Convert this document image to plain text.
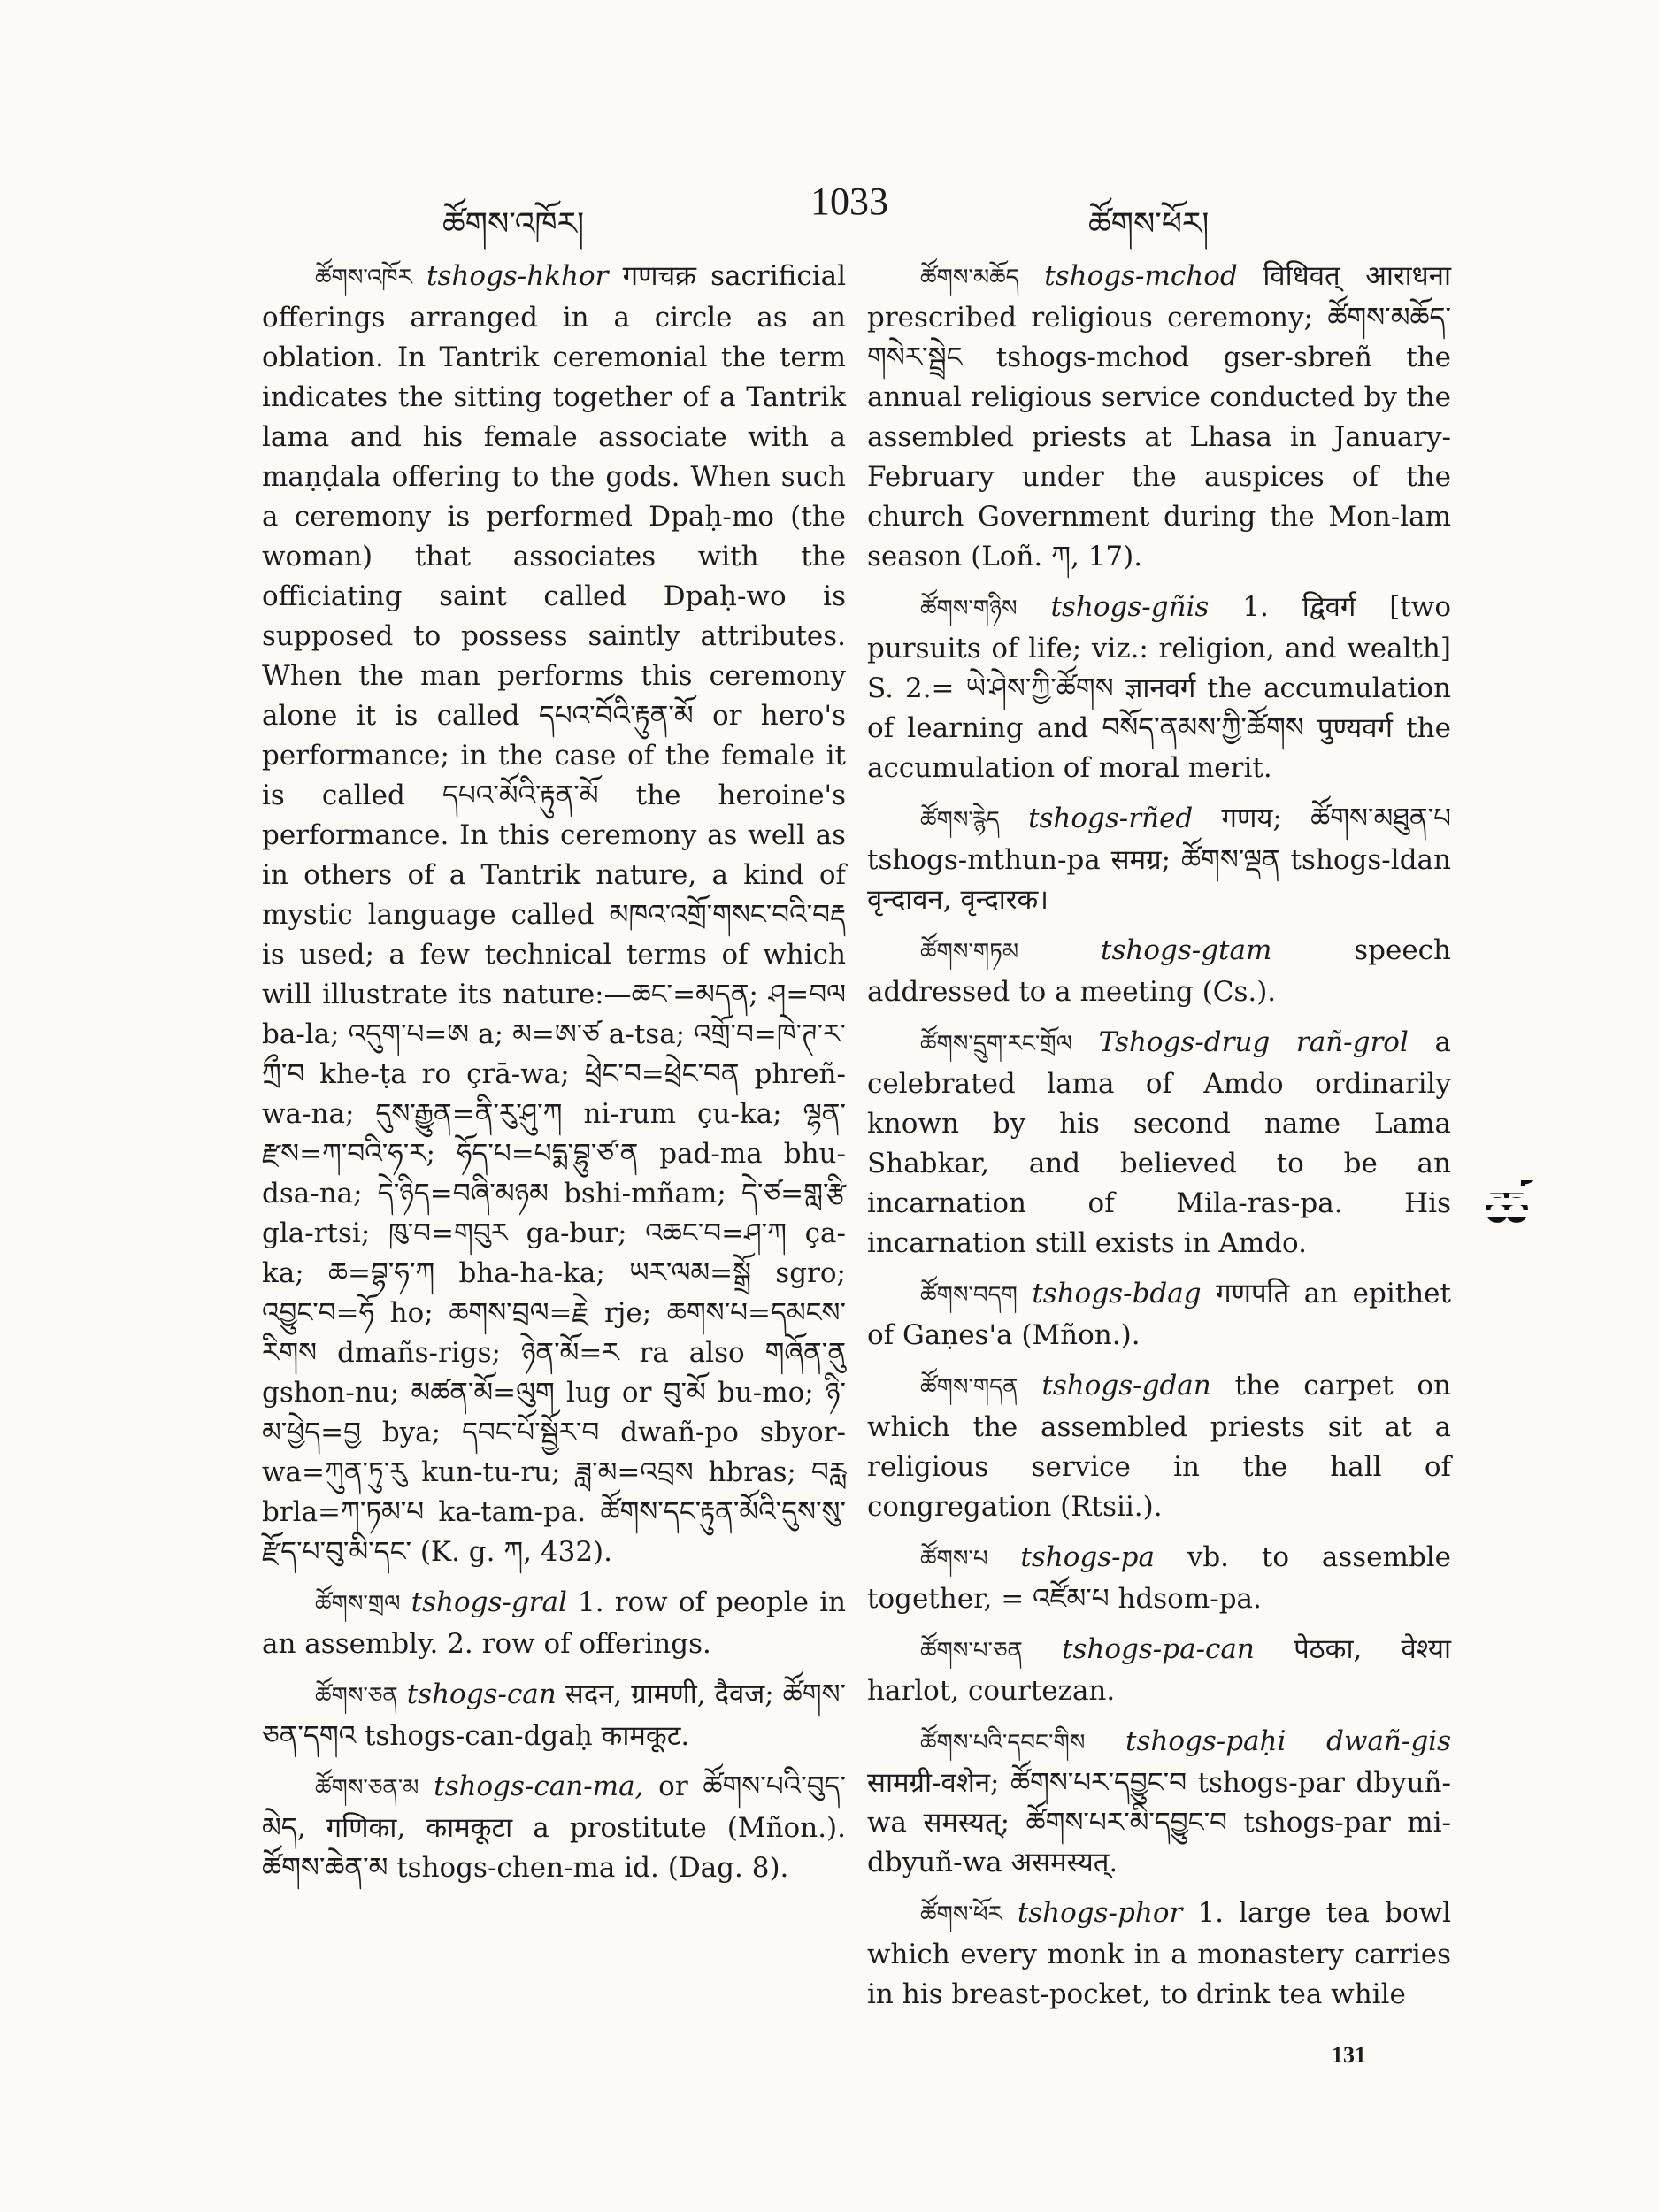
ཚོགས་འཁོར།
1033
ཚོགས་ཕོར།

ཚོགས་འཁོར tshogs-hkhor गणचक्र sacrificial offerings arranged in a circle as an oblation. In Tantrik ceremonial the term indicates the sitting together of a Tantrik lama and his female associate with a maṇḍala offering to the gods. When such a ceremony is performed Dpaḥ-mo (the woman) that associates with the officiating saint called Dpaḥ-wo is supposed to possess saintly attributes. When the man performs this ceremony alone it is called དཔའ་བོའི་རྟུན་མོ or hero's performance; in the case of the female it is called དཔའ་མོའི་རྟུན་མོ the heroine's performance. In this ceremony as well as in others of a Tantrik nature, a kind of mystic language called མཁའ་འགྲོ་གསང་བའི་བརྡ is used; a few technical terms of which will illustrate its nature:—ཆང་=མདན; ཤ=བལ ba-la; འདུག་པ=ཨ a; མ=ཨ་ཙ a-tsa; འགྲོ་བ=ཁེ་ཊ་ར་ཀྲྀ་བ khe-ṭa ro çrā-wa; ཕྲེང་བ=ཕྲེང་བན phreñ-wa-na; དུས་རྒྱུན=ནི་རུ་ཤུ་ཀ ni-rum çu-ka; ལྷན་རྫས=ཀ་བའི་ཧ་ར; ཧོད་པ=པདྨ་བྷུ་ཙ་ན pad-ma bhu-dsa-na; དེ་ཉིད=བཞི་མཉམ bshi-mñam; དེ་ཙ=གླ་རྩི gla-rtsi; ཁུ་བ=གབུར ga-bur; འཆང་བ=ཤ་ཀ ça-ka; ཆ=བྷ་ཧ་ཀ bha-ha-ka; ཡར་ལམ=སྒྲོ sgro; འབྱུང་བ=ཧོ ho; ཆགས་བྲལ=རྗེ rje; ཆགས་པ=དམངས་རིགས dmañs-rigs; ཉེན་མོ=ར ra also གཞོན་ནུ gshon-nu; མཚན་མོ=ལུག lug or བུ་མོ bu-mo; ཉི་མ་ཕྱེད=བྱ bya; དབང་པོ་སྦྱོར་བ dwañ-po sbyor-wa=ཀུན་ཏུ་རུ kun-tu-ru; ཟླ་མ=འབྲས hbras; བརླ brla=ཀ་ཏམ་པ ka-tam-pa. ཚོགས་དང་རྟུན་མོའི་དུས་སུ་རྫོད་པ་བུ་མི་དང་ (K. g. ཀ, 432).

ཚོགས་གྲལ tshogs-gral 1. row of people in an assembly. 2. row of offerings.

ཚོགས་ཅན tshogs-can सदन, ग्रामणी, दैवज; ཚོགས་ཅན་དགའ tshogs-can-dgaḥ कामकूट.

ཚོགས་ཅན་མ tshogs-can-ma, or ཚོགས་པའི་བུད་མེད, गणिका, कामकूटा a prostitute (Mñon.). ཚོགས་ཆེན་མ tshogs-chen-ma id. (Dag. 8).

ཚོགས་མཆོད tshogs-mchod विधिवत् आराधना prescribed religious ceremony; ཚོགས་མཆོད་གསེར་སྦྲེང tshogs-mchod gser-sbreñ the annual religious service conducted by the assembled priests at Lhasa in January-February under the auspices of the church Government during the Mon-lam season (Loñ. ཀ, 17).

ཚོགས་གཉིས tshogs-gñis 1. द्विवर्ग [two pursuits of life; viz.: religion, and wealth] S. 2.= ཡེ་ཤེས་ཀྱི་ཚོགས ज्ञानवर्ग the accumulation of learning and བསོད་ནམས་ཀྱི་ཚོགས पुण्यवर्ग the accumulation of moral merit.

ཚོགས་རྙེད tshogs-rñed गणय; ཚོགས་མཐུན་པ tshogs-mthun-pa समग्र; ཚོགས་ལྡན tshogs-ldan वृन्दावन, वृन्दारक।

ཚོགས་གཏམ	tshogs-gtam	speech addressed to a meeting (Cs.).

ཚོགས་དྲུག་རང་གྲོལ Tshogs-drug rañ-grol a celebrated lama of Amdo ordinarily known by his second name Lama Shabkar, and believed to be an incarnation of Mila-ras-pa. His incarnation still exists in Amdo.

ཚོགས་བདག tshogs-bdag गणपति an epithet of Gaṇes'a (Mñon.).

ཚོགས་གདན tshogs-gdan the carpet on which the assembled priests sit at a religious service in the hall of congregation (Rtsii.).

ཚོགས་པ tshogs-pa vb. to assemble together, = འཛོམ་པ hdsom-pa.

ཚོགས་པ་ཅན tshogs-pa-can पेठका, वेश्या harlot, courtezan.

ཚོགས་པའི་དབང་གིས tshogs-paḥi dwañ-gis सामग्री-वशेन; ཚོགས་པར་དབྱུང་བ tshogs-par dbyuñ-wa समस्यत्; ཚོགས་པར་མི་དབྱུང་བ tshogs-par mi-dbyuñ-wa असमस्यत्.

ཚོགས་ཕོར tshogs-phor 1. large tea bowl which every monk in a monastery carries in his breast-pocket, to drink tea while

ཚ
131
